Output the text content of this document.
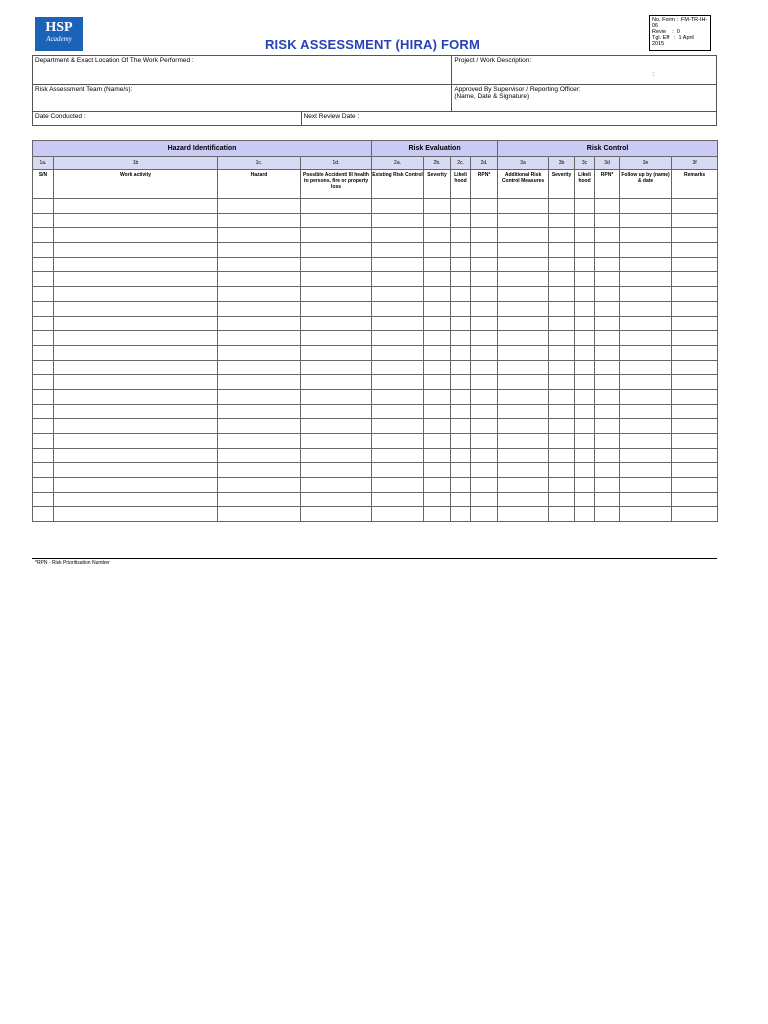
HSP
Academy	RISK ASSESSMENT (HIRA) FORM
No. Form :  FM-TR-IH-
06
Revie    :  0
Tgl. Eff   :  1 April
2015
Department & Exact Location Of The Work Performed :		Project / Work Description:
:

Risk Assessment Team (Name/s):		Approved By Supervisor / Reporting Officer:
(Name, Date & Signature)

Date Conducted :	Next Review Date :	
Hazard Identification				Risk Evaluation				Risk Control					
1a.	1b	1c.	1d.	2a.	2b.	2c.	2d.	3a	3b	3c	3d	3e	3f
S/N	Work activity	Hazard	Possible Accident/ Ill health to persons, fire or property loss	Existing Risk Control	Severity	Likeli hood	RPN*	Additional Risk Control Measures	Severity	Likeli hood	RPN*	Follow up by (name) & date	Remarks

*RPN - Risk Prioritisation Number
